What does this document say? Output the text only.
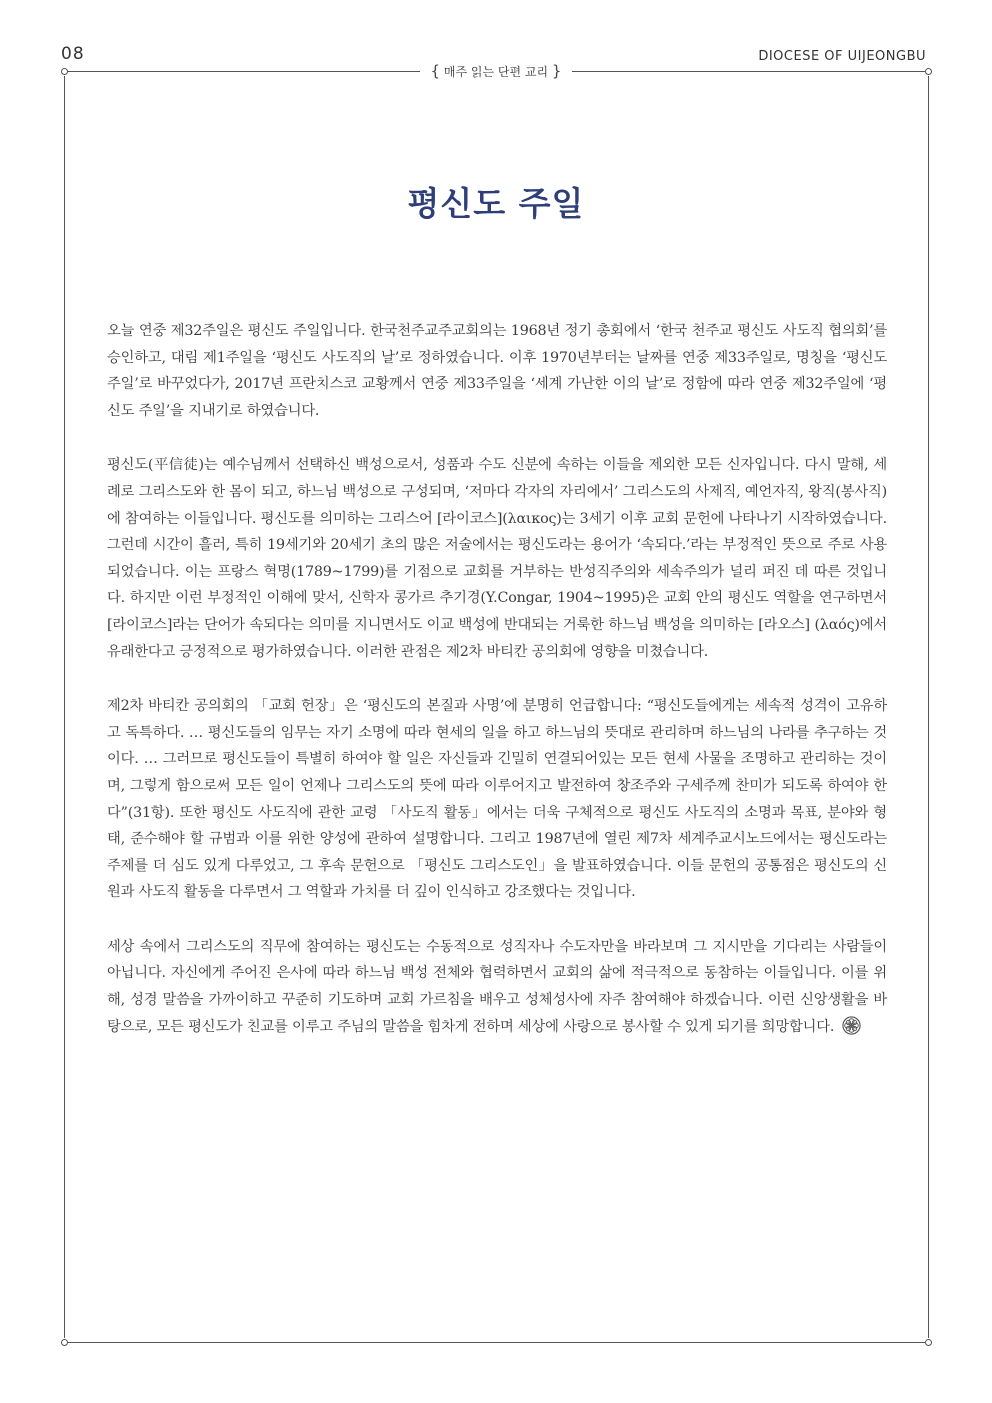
08	DIOCESE OF UIJEONGBU
{ 매주 읽는 단편 교리 }
평신도 주일

오늘 연중 제32주일은 평신도 주일입니다. 한국천주교주교회의는 1968년 정기 총회에서 ‘한국 천주교 평신도 사도직 협의회’를 승인하고, 대림 제1주일을 ‘평신도 사도직의 날’로 정하였습니다. 이후 1970년부터는 날짜를 연중 제33주일로, 명칭을 ‘평신도 주일’로 바꾸었다가, 2017년 프란치스코 교황께서 연중 제33주일을 ‘세계 가난한 이의 날’로 정함에 따라 연중 제32주일에 ‘평신도 주일’을 지내기로 하였습니다.

평신도(平信徒)는 예수님께서 선택하신 백성으로서, 성품과 수도 신분에 속하는 이들을 제외한 모든 신자입니다. 다시 말해, 세례로 그리스도와 한 몸이 되고, 하느님 백성으로 구성되며, ‘저마다 각자의 자리에서’ 그리스도의 사제직, 예언자직, 왕직(봉사직)에 참여하는 이들입니다. 평신도를 의미하는 그리스어 [라이코스](λαικος)는 3세기 이후 교회 문헌에 나타나기 시작하였습니다. 그런데 시간이 흘러, 특히 19세기와 20세기 초의 많은 저술에서는 평신도라는 용어가 ‘속되다.’라는 부정적인 뜻으로 주로 사용되었습니다. 이는 프랑스 혁명(1789~1799)를 기점으로 교회를 거부하는 반성직주의와 세속주의가 널리 퍼진 데 따른 것입니다. 하지만 이런 부정적인 이해에 맞서, 신학자 콩가르 추기경(Y.Congar, 1904~1995)은 교회 안의 평신도 역할을 연구하면서 [라이코스]라는 단어가 속되다는 의미를 지니면서도 이교 백성에 반대되는 거룩한 하느님 백성을 의미하는 [라오스] (λαός)에서 유래한다고 긍정적으로 평가하였습니다. 이러한 관점은 제2차 바티칸 공의회에 영향을 미쳤습니다.

제2차 바티칸 공의회의 「교회 헌장」은 ‘평신도의 본질과 사명’에 분명히 언급합니다: “평신도들에게는 세속적 성격이 고유하고 독특하다. … 평신도들의 임무는 자기 소명에 따라 현세의 일을 하고 하느님의 뜻대로 관리하며 하느님의 나라를 추구하는 것이다. … 그러므로 평신도들이 특별히 하여야 할 일은 자신들과 긴밀히 연결되어있는 모든 현세 사물을 조명하고 관리하는 것이며, 그렇게 함으로써 모든 일이 언제나 그리스도의 뜻에 따라 이루어지고 발전하여 창조주와 구세주께 찬미가 되도록 하여야 한다”(31항). 또한 평신도 사도직에 관한 교령 「사도직 활동」에서는 더욱 구체적으로 평신도 사도직의 소명과 목표, 분야와 형태, 준수해야 할 규범과 이를 위한 양성에 관하여 설명합니다. 그리고 1987년에 열린 제7차 세계주교시노드에서는 평신도라는 주제를 더 심도 있게 다루었고, 그 후속 문헌으로 「평신도 그리스도인」을 발표하였습니다. 이들 문헌의 공통점은 평신도의 신원과 사도직 활동을 다루면서 그 역할과 가치를 더 깊이 인식하고 강조했다는 것입니다.

세상 속에서 그리스도의 직무에 참여하는 평신도는 수동적으로 성직자나 수도자만을 바라보며 그 지시만을 기다리는 사람들이 아닙니다. 자신에게 주어진 은사에 따라 하느님 백성 전체와 협력하면서 교회의 삶에 적극적으로 동참하는 이들입니다. 이를 위해, 성경 말씀을 가까이하고 꾸준히 기도하며 교회 가르침을 배우고 성체성사에 자주 참여해야 하겠습니다. 이런 신앙생활을 바탕으로, 모든 평신도가 친교를 이루고 주님의 말씀을 힘차게 전하며 세상에 사랑으로 봉사할 수 있게 되기를 희망합니다.
